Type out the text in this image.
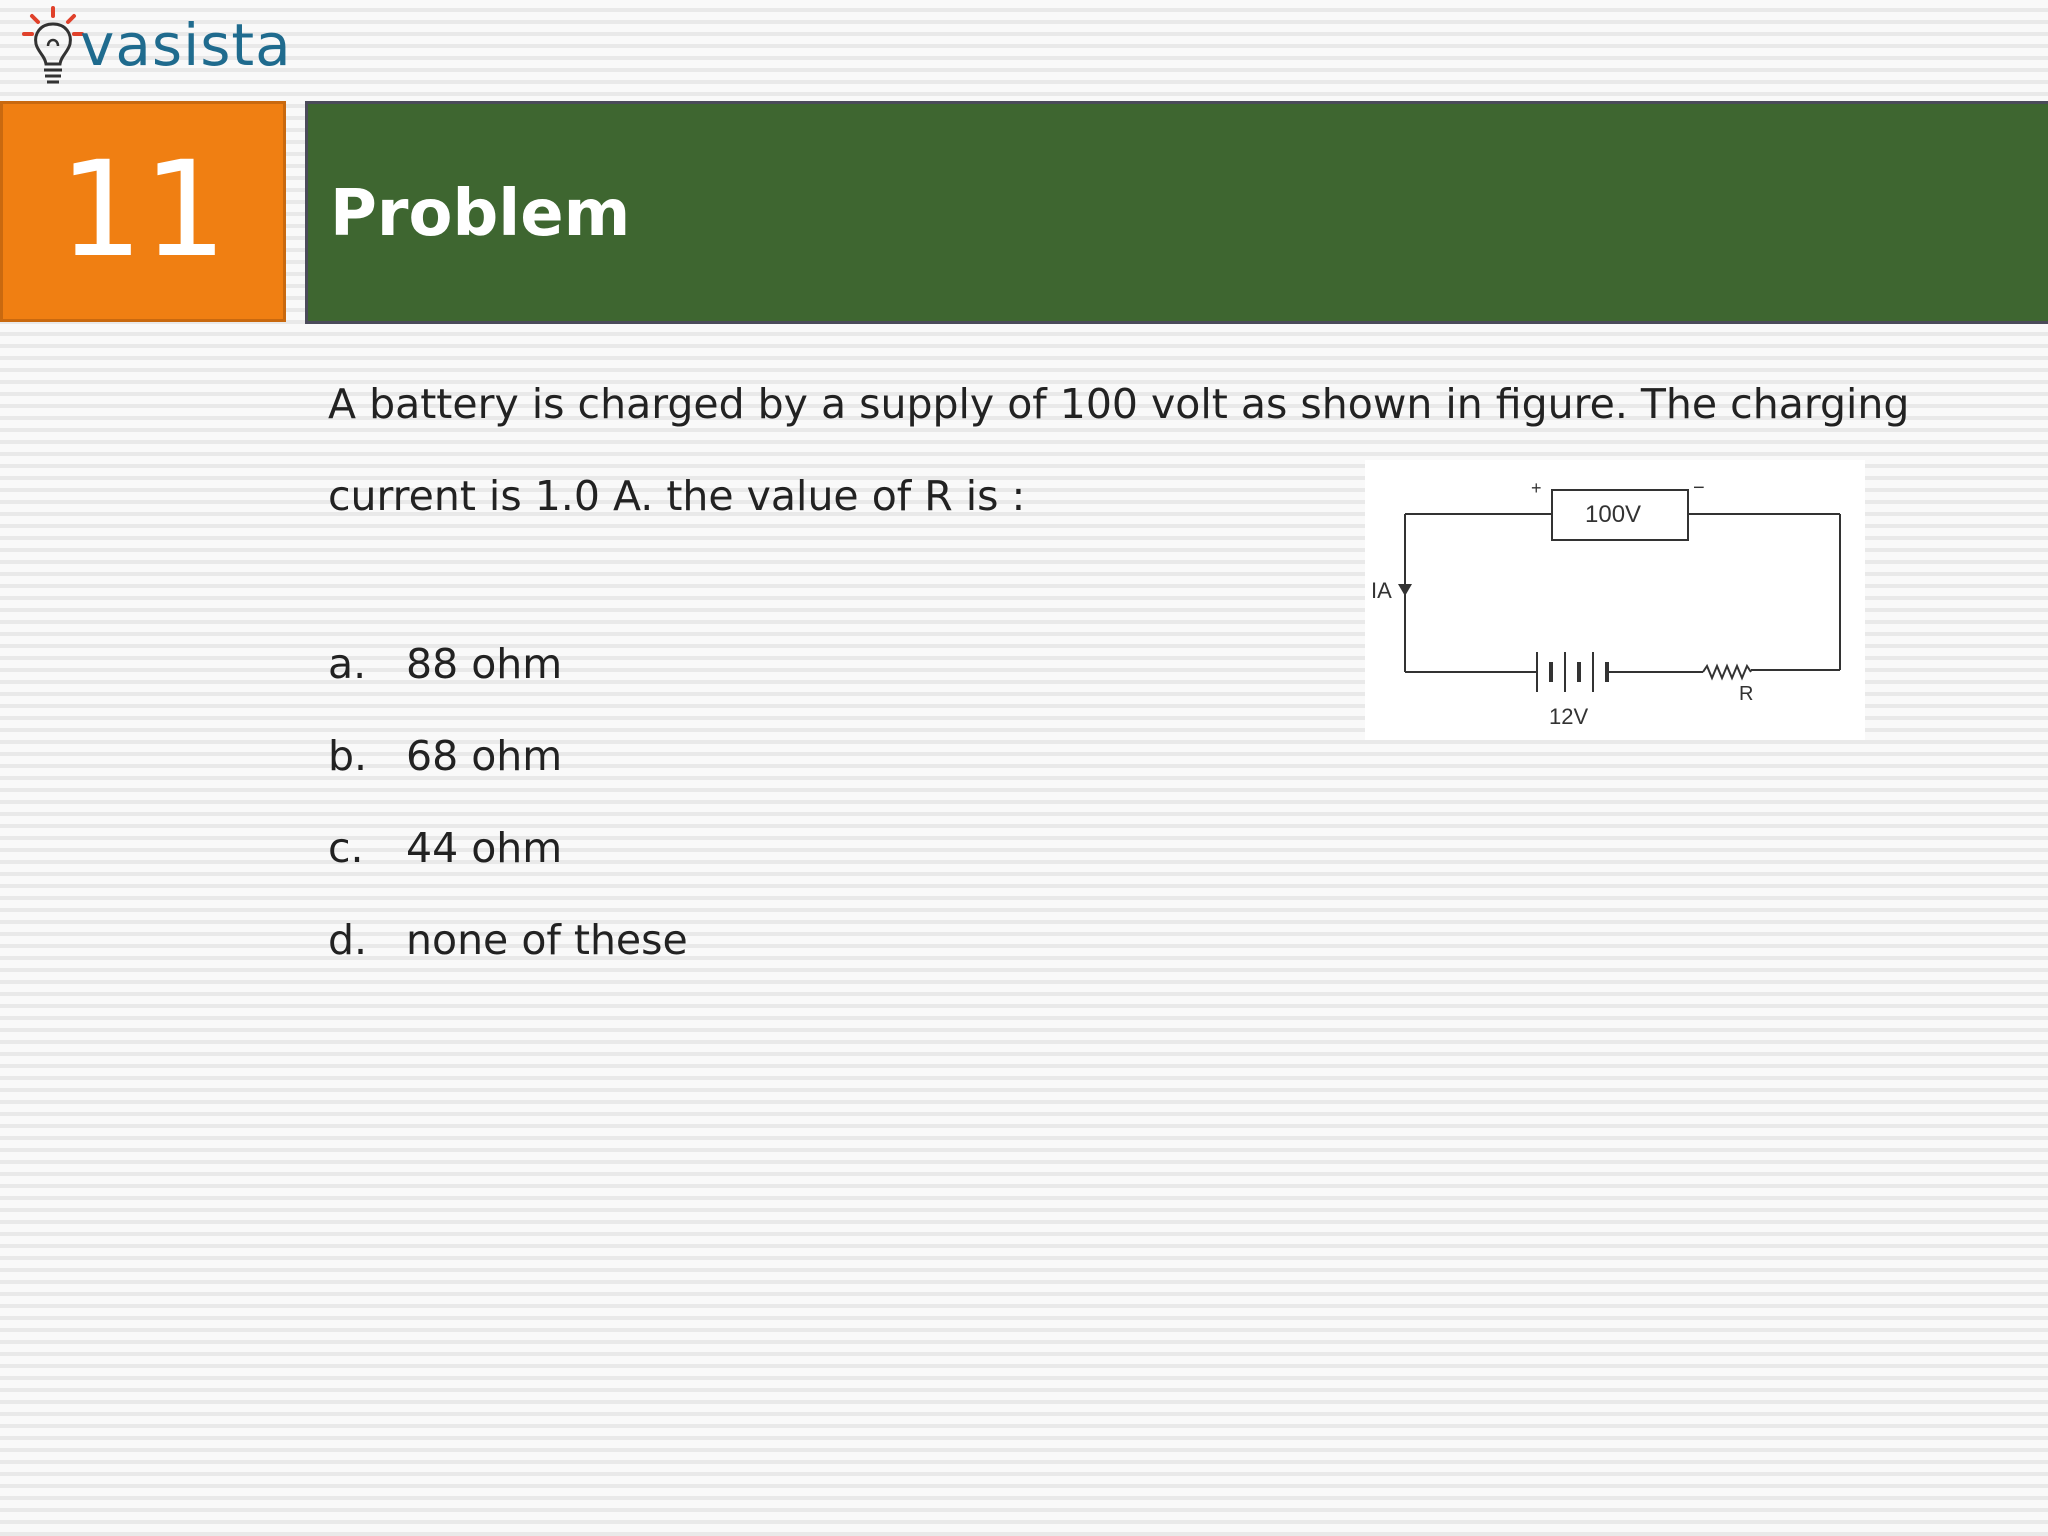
vasista
11	Problem
A battery is charged by a supply of 100 volt as shown in figure. The charging current is 1.0 A. the value of R is :
a. 88 ohm
b. 68 ohm
c.	44 ohm
d. none of these
100V
+	−
IA
12V
R
